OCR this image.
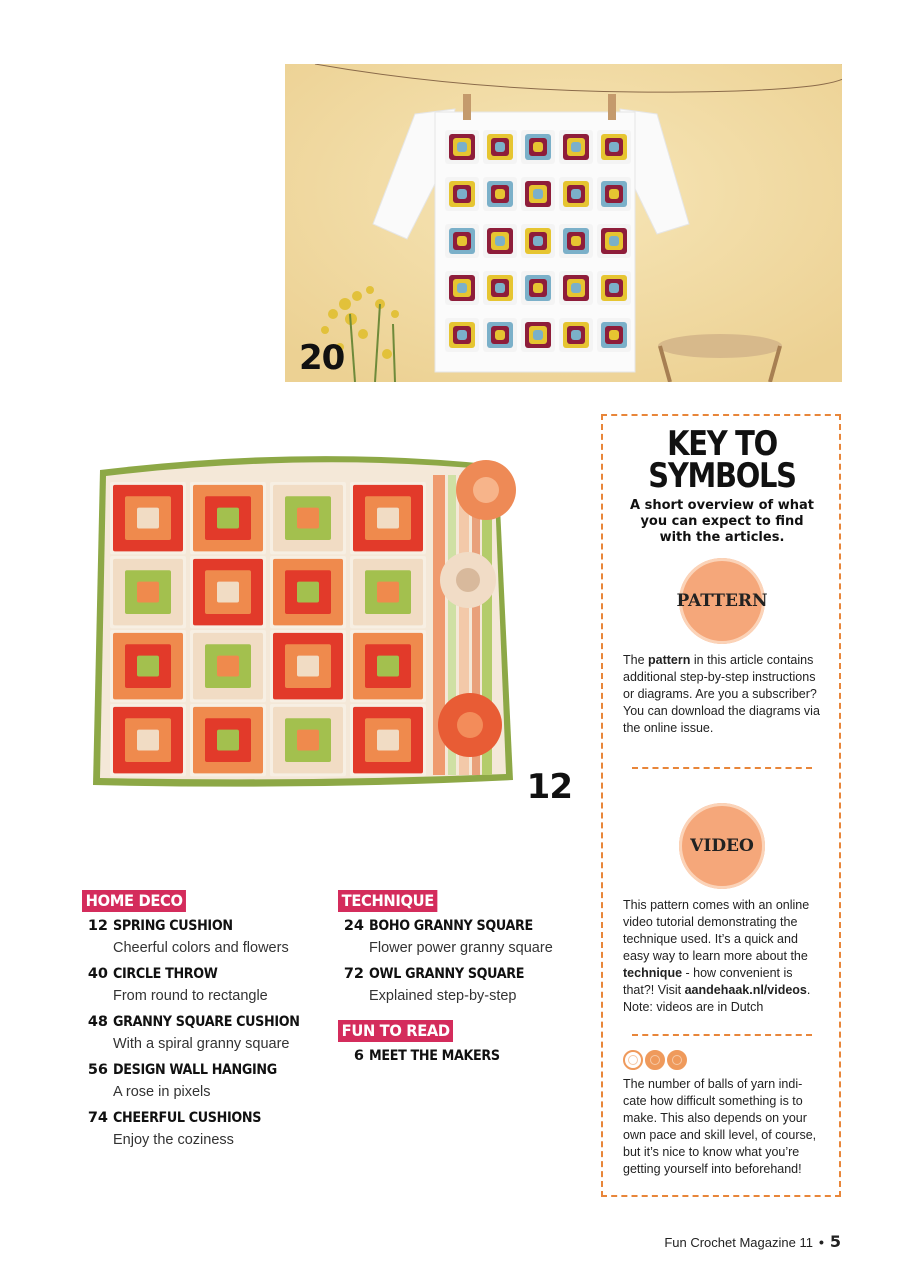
20
12
KEY TO SYMBOLS
A short overview of what you can expect to find with the articles.
PATTERN
The pattern in this article contains additional step-by-step instructions or diagrams. Are you a subscriber? You can download the diagrams via the online issue.
VIDEO
This pattern comes with an online video tutorial demonstrating the technique used. It’s a quick and easy way to learn more about the technique - how convenient is that?! Visit aandehaak.nl/videos. Note: videos are in Dutch
The number of balls of yarn indi-cate how difficult something is to make. This also depends on your own pace and skill level, of course, but it’s nice to know what you’re getting yourself into beforehand!
HOME DECO
12 SPRING CUSHION
Cheerful colors and flowers
40 CIRCLE THROW
From round to rectangle
48 GRANNY SQUARE CUSHION
With a spiral granny square
56 DESIGN WALL HANGING
A rose in pixels
74 CHEERFUL CUSHIONS
Enjoy the coziness
TECHNIQUE
24 BOHO GRANNY SQUARE
Flower power granny square
72 OWL GRANNY SQUARE
Explained step-by-step
FUN TO READ
6 MEET THE MAKERS
Fun Crochet Magazine 11 • 5
